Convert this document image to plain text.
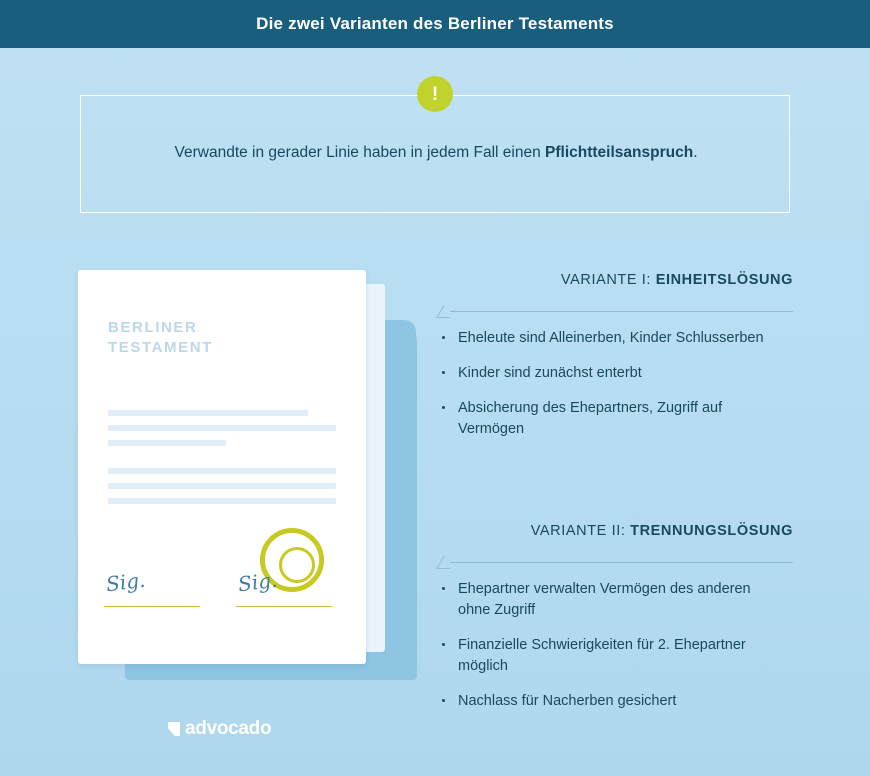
Die zwei Varianten des Berliner Testaments
Verwandte in gerader Linie haben in jedem Fall einen Pflichtteilsanspruch.
!
BERLINER
TESTAMENT
Sig.	Sig.
advocado
VARIANTE I: EINHEITSLÖSUNG
Eheleute sind Alleinerben, Kinder Schlusserben
Kinder sind zunächst enterbt
Absicherung des Ehepartners, Zugriff auf Vermögen
VARIANTE II: TRENNUNGSLÖSUNG
Ehepartner verwalten Vermögen des anderen ohne Zugriff
Finanzielle Schwierigkeiten für 2. Ehepartner möglich
Nachlass für Nacherben gesichert
